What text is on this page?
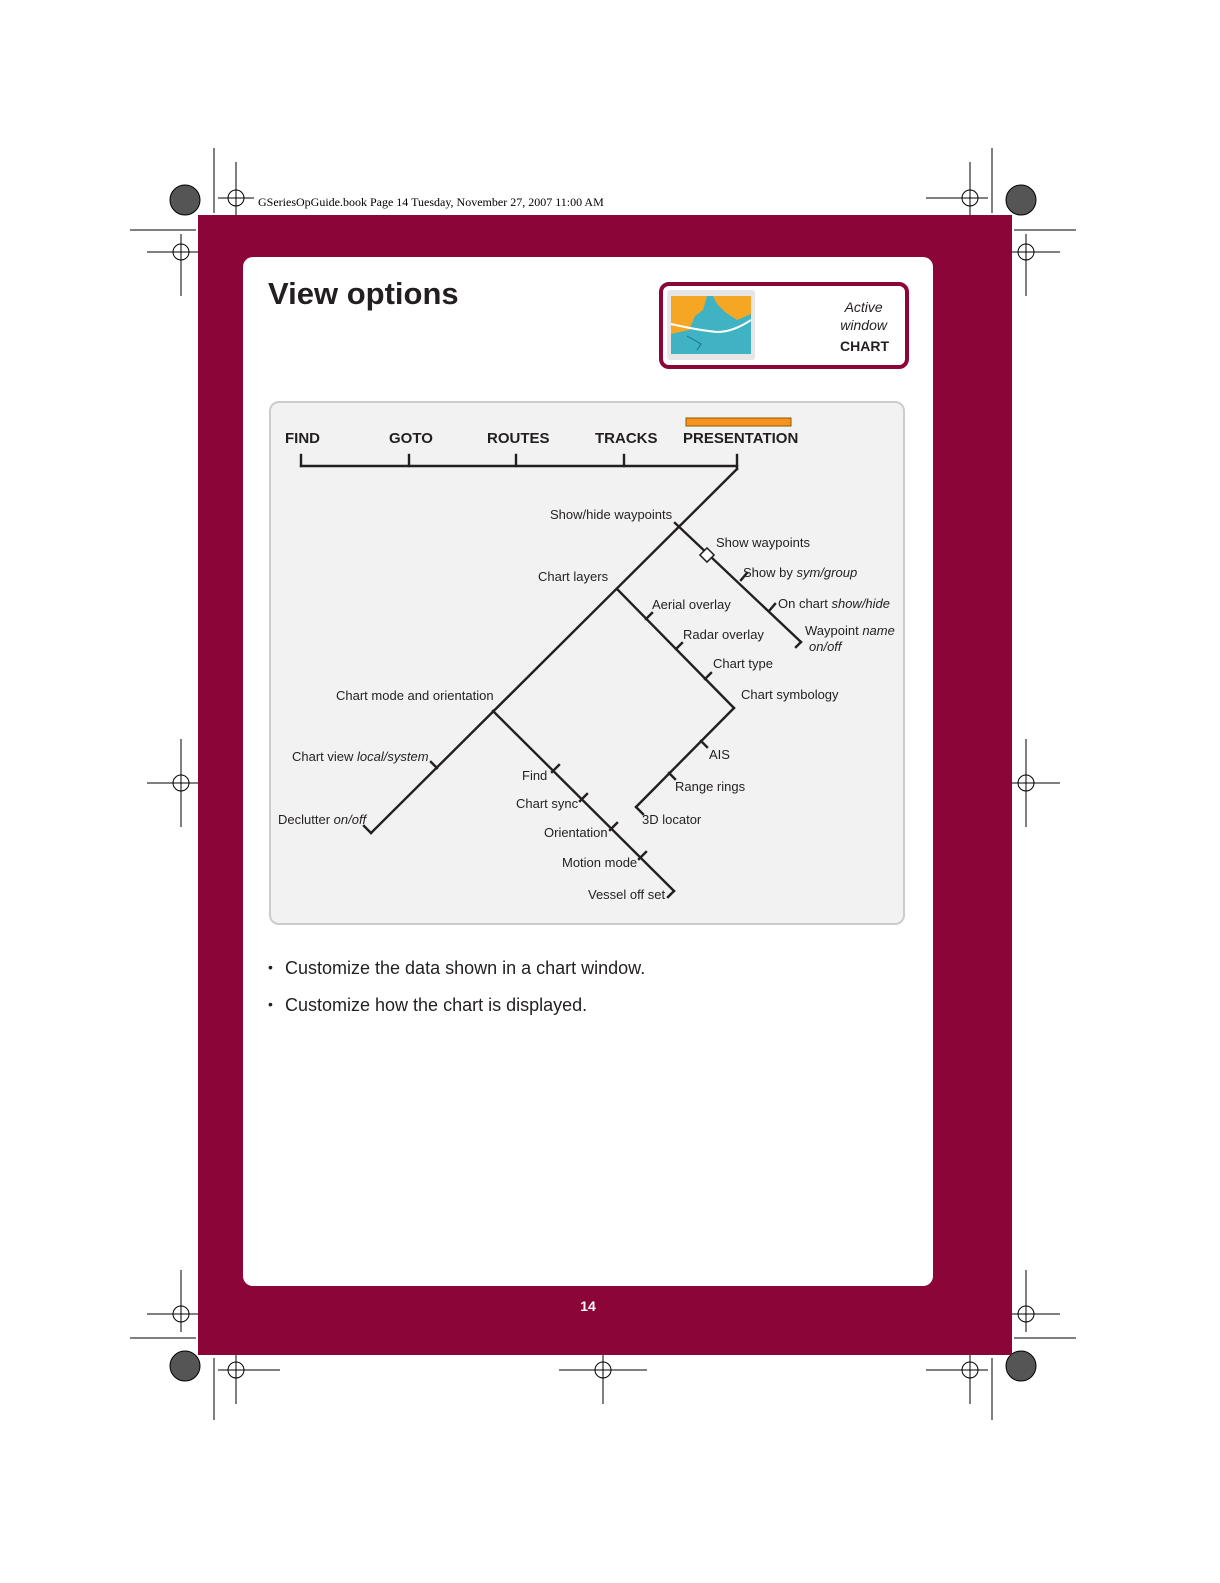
GSeriesOpGuide.book Page 14 Tuesday, November 27, 2007 11:00 AM
View options	Active
window
CHART
FIND	GOTO	ROUTES	TRACKS PRESENTATION
Show/hide waypoints
Show waypoints
Show by sym/group
On chart show/hide
Waypoint name
on/off
Chart layers
Aerial overlay
Radar overlay
Chart type
Chart symbology
AIS
Range rings
3D locator
Chart mode and orientation
Chart view local/system
Declutter on/off
Find
Chart sync
Orientation
Motion mode
Vessel off set
• Customize the data shown in a chart window.
• Customize how the chart is displayed.
14
